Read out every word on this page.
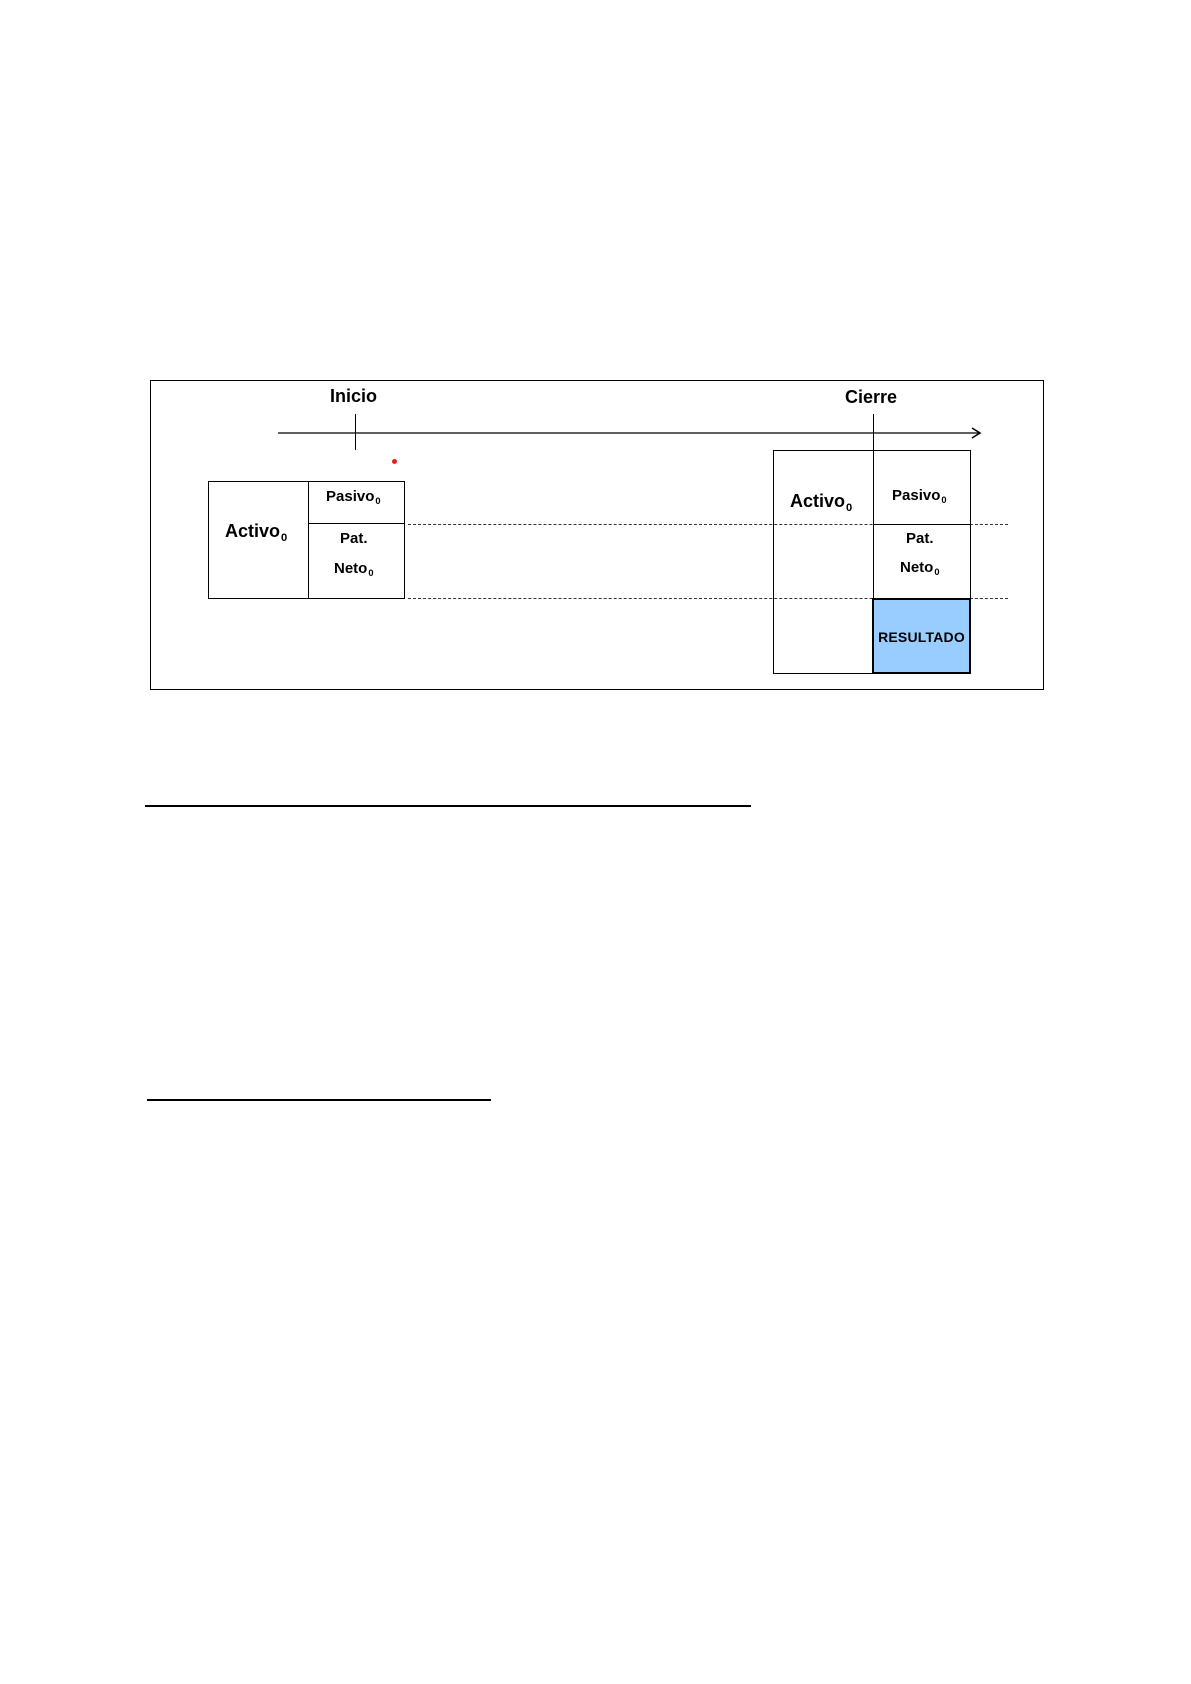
Inicio	Cierre
Activo$_0$
Pasivo$_0$
Pat.
Neto$_0$
Activo$_0$
Pasivo$_0$
Pat.
Neto$_0$
RESULTADO
